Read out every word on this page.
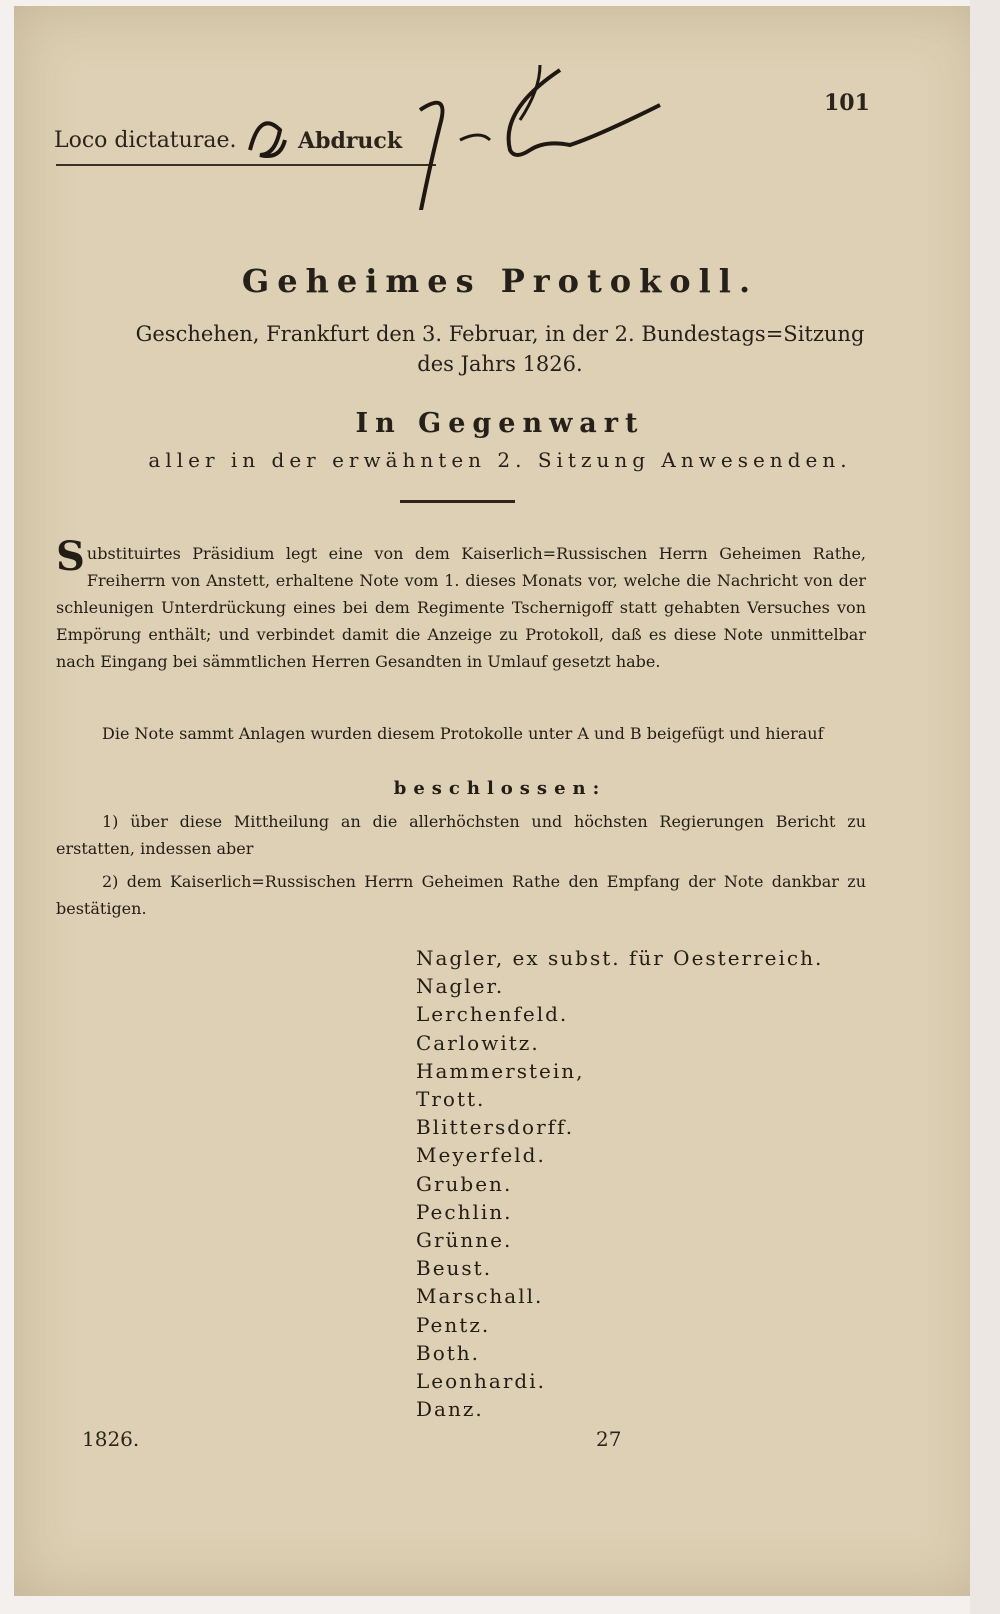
Loco dictaturae.	Abdruck
101
Geheimes Protokoll.
Geschehen, Frankfurt den 3. Februar, in der 2. Bundestags=Sitzung
des Jahrs 1826.
In Gegenwart
aller in der erwähnten 2. Sitzung Anwesenden.
Substituirtes Präsidium legt eine von dem Kaiserlich=Russischen Herrn Geheimen Rathe, Freiherrn von Anstett, erhaltene Note vom 1. dieses Monats vor, welche die Nachricht von der schleunigen Unterdrückung eines bei dem Regimente Tschernigoff statt gehabten Versuches von Empörung enthält; und verbindet damit die Anzeige zu Protokoll, daß es diese Note unmittelbar nach Eingang bei sämmtlichen Herren Gesandten in Umlauf gesetzt habe.
Die Note sammt Anlagen wurden diesem Protokolle unter A und B beigefügt und hierauf
beschlossen:
1) über diese Mittheilung an die allerhöchsten und höchsten Regierungen Bericht zu erstatten, indessen aber
2) dem Kaiserlich=Russischen Herrn Geheimen Rathe den Empfang der Note dankbar zu bestätigen.
Nagler, ex subst. für Oesterreich.
Nagler.
Lerchenfeld.
Carlowitz.
Hammerstein,
Trott.
Blittersdorff.
Meyerfeld.
Gruben.
Pechlin.
Grünne.
Beust.
Marschall.
Pentz.
Both.
Leonhardi.
Danz.
1826.	27
